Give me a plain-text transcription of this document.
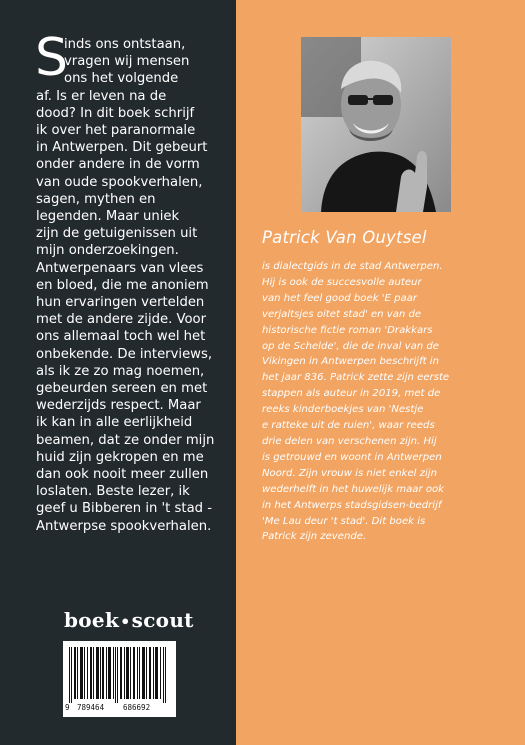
S
inds ons ontstaan,
vragen wij mensen
ons het volgende
af. Is er leven na de
dood? In dit boek schrijf
ik over het paranormale
in Antwerpen. Dit gebeurt
onder andere in de vorm
van oude spookverhalen,
sagen, mythen en
legenden. Maar uniek
zijn de getuigenissen uit
mijn onderzoekingen.
Antwerpenaars van vlees
en bloed, die me anoniem
hun ervaringen vertelden
met de andere zijde. Voor
ons allemaal toch wel het
onbekende. De interviews,
als ik ze zo mag noemen,
gebeurden sereen en met
wederzijds respect. Maar
ik kan in alle eerlijkheid
beamen, dat ze onder mijn
huid zijn gekropen en me
dan ook nooit meer zullen
loslaten. Beste lezer, ik
geef u Bibberen in 't stad -
Antwerpse spookverhalen.
boek•scout
9 789464	686692
Patrick Van Ouytsel
is dialectgids in de stad Antwerpen.
Hij is ook de succesvolle auteur
van het feel good boek 'E paar
verjaltsjes oitet stad' en van de
historische fictie roman 'Drakkars
op de Schelde', die de inval van de
Vikingen in Antwerpen beschrijft in
het jaar 836. Patrick zette zijn eerste
stappen als auteur in 2019, met de
reeks kinderboekjes van 'Nestje
e ratteke uit de ruien', waar reeds
drie delen van verschenen zijn. Hij
is getrouwd en woont in Antwerpen
Noord. Zijn vrouw is niet enkel zijn
wederhelft in het huwelijk maar ook
in het Antwerps stadsgidsen-bedrijf
'Me Lau deur 't stad'. Dit boek is
Patrick zijn zevende.
